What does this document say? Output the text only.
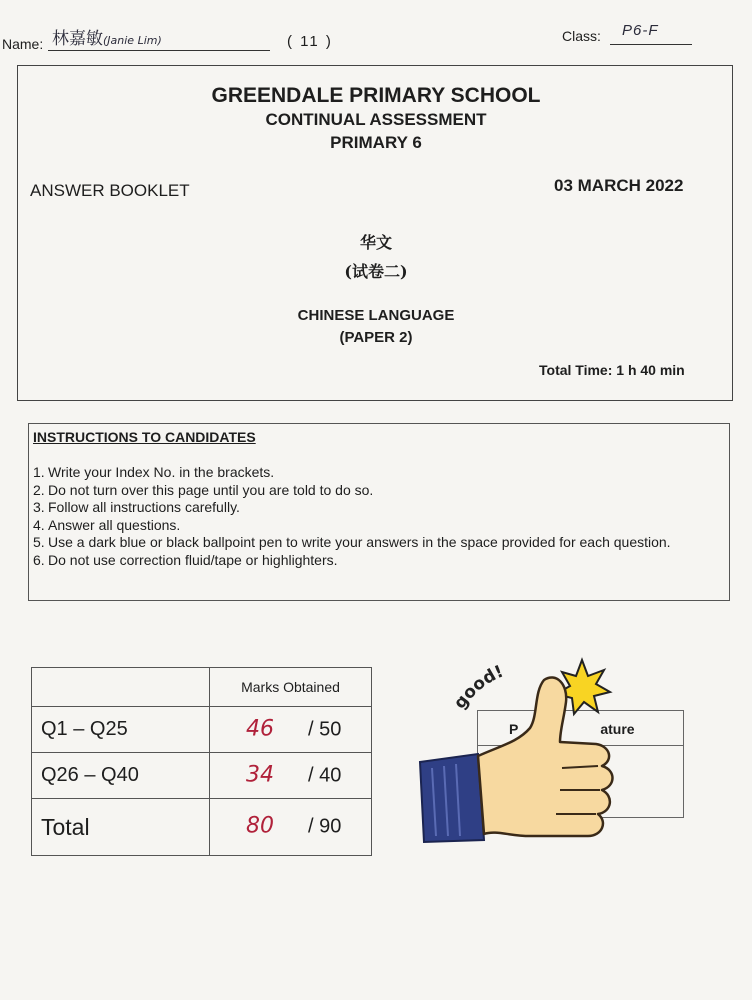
Name: 林嘉敏(Janie Lim)	( 11 )	Class: P6-F
GREENDALE PRIMARY SCHOOL
CONTINUAL ASSESSMENT
PRIMARY 6
ANSWER BOOKLET	03 MARCH 2022
华文
(试卷二)
CHINESE LANGUAGE
(PAPER 2)
Total Time: 1 h 40 min
INSTRUCTIONS TO CANDIDATES
1. Write your Index No. in the brackets.
2. Do not turn over this page until you are told to do so.
3. Follow all instructions carefully.
4. Answer all questions.
5. Use a dark blue or black ballpoint pen to write your answers in the space provided for each question.
6. Do not use correction fluid/tape or highlighters.
	Marks Obtained
Q1 – Q25	46 / 50

Q26 – Q40	34 / 40

Total	80 / 90
P	ature
good!
